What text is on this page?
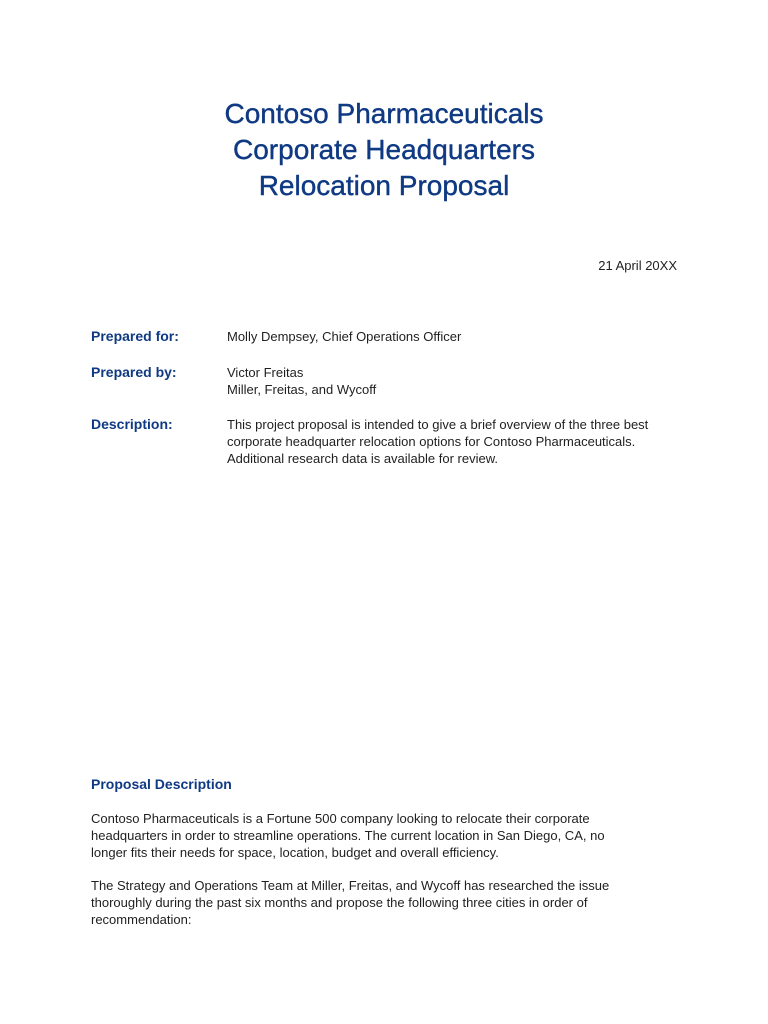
Contoso Pharmaceuticals
Corporate Headquarters
Relocation Proposal
21 April 20XX
Prepared for:	Molly Dempsey, Chief Operations Officer
Prepared by:	Victor Freitas
Miller, Freitas, and Wycoff
Description:	This project proposal is intended to give a brief overview of the three best
corporate headquarter relocation options for Contoso Pharmaceuticals.
Additional research data is available for review.
Proposal Description
Contoso Pharmaceuticals is a Fortune 500 company looking to relocate their corporate
headquarters in order to streamline operations. The current location in San Diego, CA, no
longer fits their needs for space, location, budget and overall efficiency.
The Strategy and Operations Team at Miller, Freitas, and Wycoff has researched the issue
thoroughly during the past six months and propose the following three cities in order of
recommendation:
